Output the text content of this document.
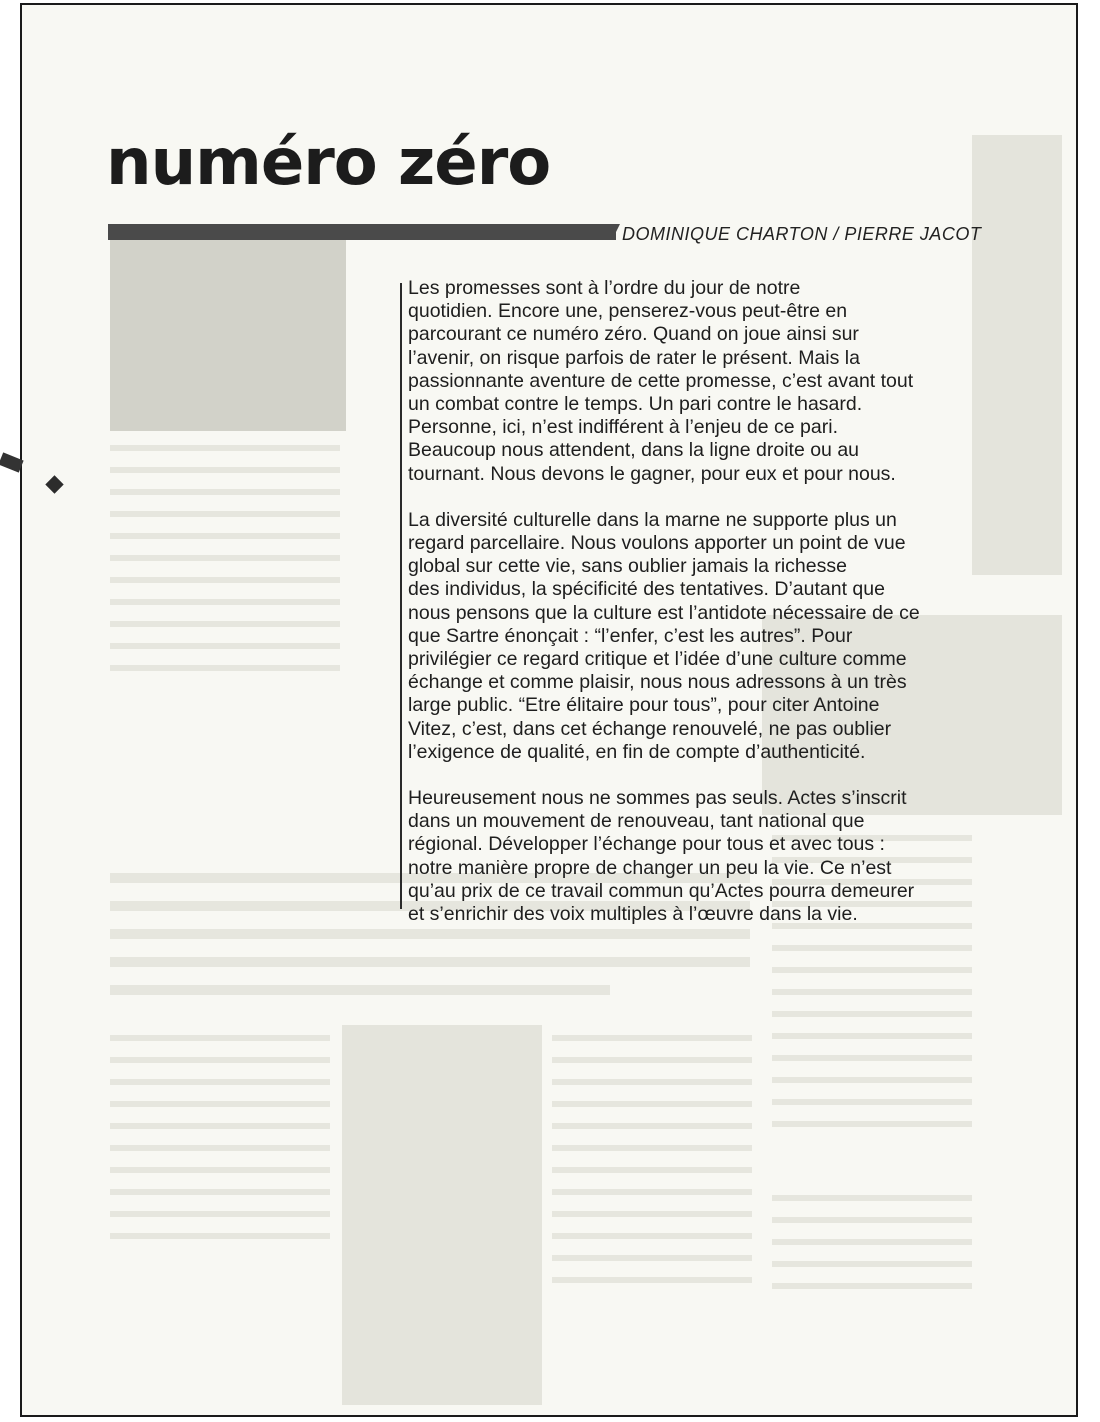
numéro zéro
DOMINIQUE CHARTON / PIERRE JACOT

Les promesses sont à l’ordre du jour de notre
quotidien. Encore une, penserez-vous peut-être en
parcourant ce numéro zéro. Quand on joue ainsi sur
l’avenir, on risque parfois de rater le présent. Mais la
passionnante aventure de cette promesse, c’est avant tout
un combat contre le temps. Un pari contre le hasard.
Personne, ici, n’est indifférent à l’enjeu de ce pari.
Beaucoup nous attendent, dans la ligne droite ou au
tournant. Nous devons le gagner, pour eux et pour nous.

La diversité culturelle dans la marne ne supporte plus un
regard parcellaire. Nous voulons apporter un point de vue
global sur cette vie, sans oublier jamais la richesse
des individus, la spécificité des tentatives. D’autant que
nous pensons que la culture est l’antidote nécessaire de ce
que Sartre énonçait : “l’enfer, c’est les autres”. Pour
privilégier ce regard critique et l’idée d’une culture comme
échange et comme plaisir, nous nous adressons à un très
large public. “Etre élitaire pour tous”, pour citer Antoine
Vitez, c’est, dans cet échange renouvelé, ne pas oublier
l’exigence de qualité, en fin de compte d’authenticité.

Heureusement nous ne sommes pas seuls. Actes s’inscrit
dans un mouvement de renouveau, tant national que
régional. Développer l’échange pour tous et avec tous :
notre manière propre de changer un peu la vie. Ce n’est
qu’au prix de ce travail commun qu’Actes pourra demeurer
et s’enrichir des voix multiples à l’œuvre dans la vie.
